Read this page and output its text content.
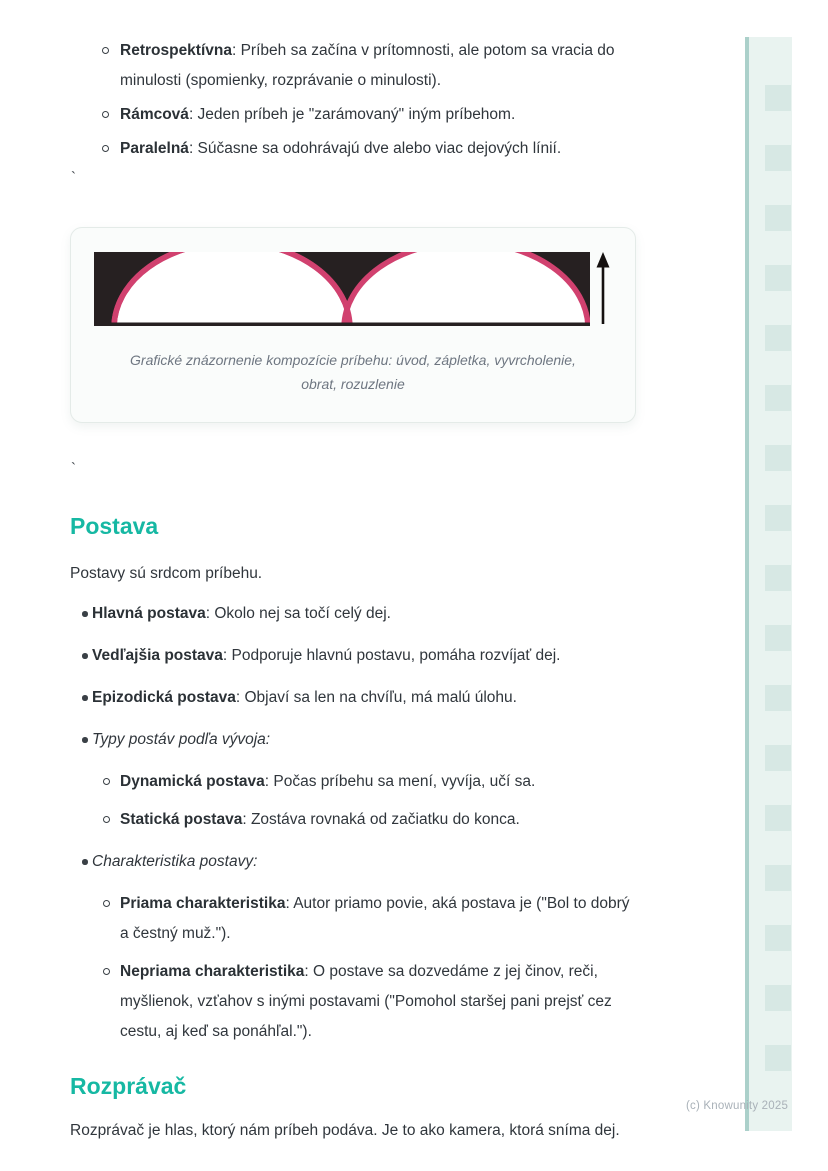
Retrospektívna: Príbeh sa začína v prítomnosti, ale potom sa vracia do minulosti (spomienky, rozprávanie o minulosti).
Rámcová: Jeden príbeh je "zarámovaný" iným príbehom.
Paralelná: Súčasne sa odohrávajú dve alebo viac dejových línií.
`
Grafické znázornenie kompozície príbehu: úvod, zápletka, vyvrcholenie,
obrat, rozuzlenie
`
Postava

Postavy sú srdcom príbehu.

Hlavná postava: Okolo nej sa točí celý dej.
Vedľajšia postava: Podporuje hlavnú postavu, pomáha rozvíjať dej.
Epizodická postava: Objaví sa len na chvíľu, má malú úlohu.
Typy postáv podľa vývoja:
Dynamická postava: Počas príbehu sa mení, vyvíja, učí sa.
Statická postava: Zostáva rovnaká od začiatku do konca.
Charakteristika postavy:
Priama charakteristika: Autor priamo povie, aká postava je ("Bol to dobrý a čestný muž.").
Nepriama charakteristika: O postave sa dozvedáme z jej činov, reči, myšlienok, vzťahov s inými postavami ("Pomohol staršej pani prejsť cez cestu, aj keď sa ponáhľal.").
Rozprávač

Rozprávač je hlas, ktorý nám príbeh podáva. Je to ako kamera, ktorá sníma dej.

(c) Knowunity 2025
